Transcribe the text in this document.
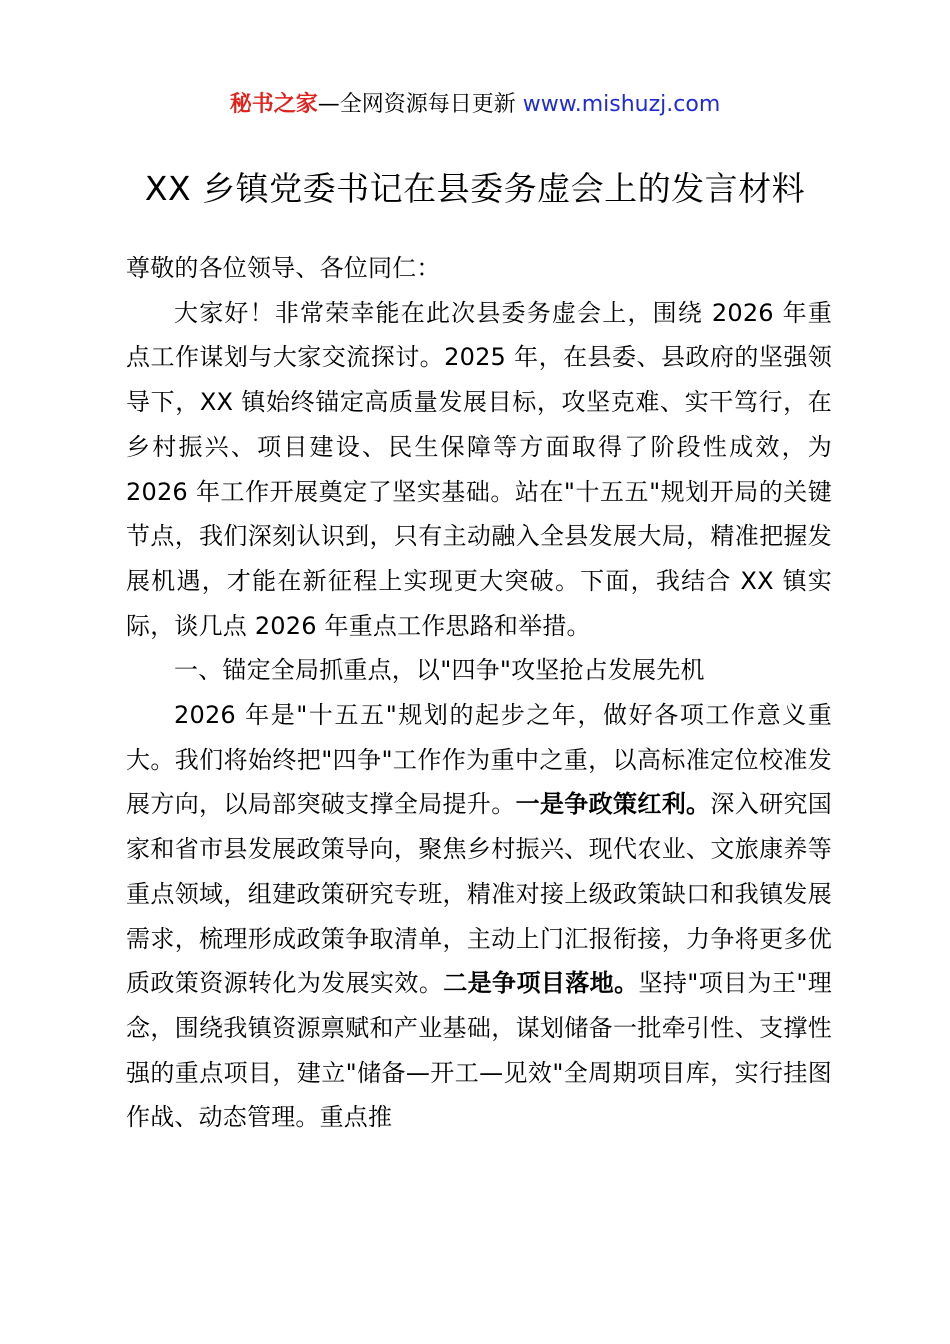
秘书之家—全网资源每日更新 www.mishuzj.com
XX 乡镇党委书记在县委务虚会上的发言材料

尊敬的各位领导、各位同仁：

大家好！非常荣幸能在此次县委务虚会上，围绕 2026 年重点工作谋划与大家交流探讨。2025 年，在县委、县政府的坚强领导下，XX 镇始终锚定高质量发展目标，攻坚克难、实干笃行，在乡村振兴、项目建设、民生保障等方面取得了阶段性成效，为 2026 年工作开展奠定了坚实基础。站在"十五五"规划开局的关键节点，我们深刻认识到，只有主动融入全县发展大局，精准把握发展机遇，才能在新征程上实现更大突破。下面，我结合 XX 镇实际，谈几点 2026 年重点工作思路和举措。

一、锚定全局抓重点，以"四争"攻坚抢占发展先机

2026 年是"十五五"规划的起步之年，做好各项工作意义重大。我们将始终把"四争"工作作为重中之重，以高标准定位校准发展方向，以局部突破支撑全局提升。一是争政策红利。深入研究国家和省市县发展政策导向，聚焦乡村振兴、现代农业、文旅康养等重点领域，组建政策研究专班，精准对接上级政策缺口和我镇发展需求，梳理形成政策争取清单，主动上门汇报衔接，力争将更多优质政策资源转化为发展实效。二是争项目落地。坚持"项目为王"理念，围绕我镇资源禀赋和产业基础，谋划储备一批牵引性、支撑性强的重点项目，建立"储备—开工—见效"全周期项目库，实行挂图作战、动态管理。重点推
